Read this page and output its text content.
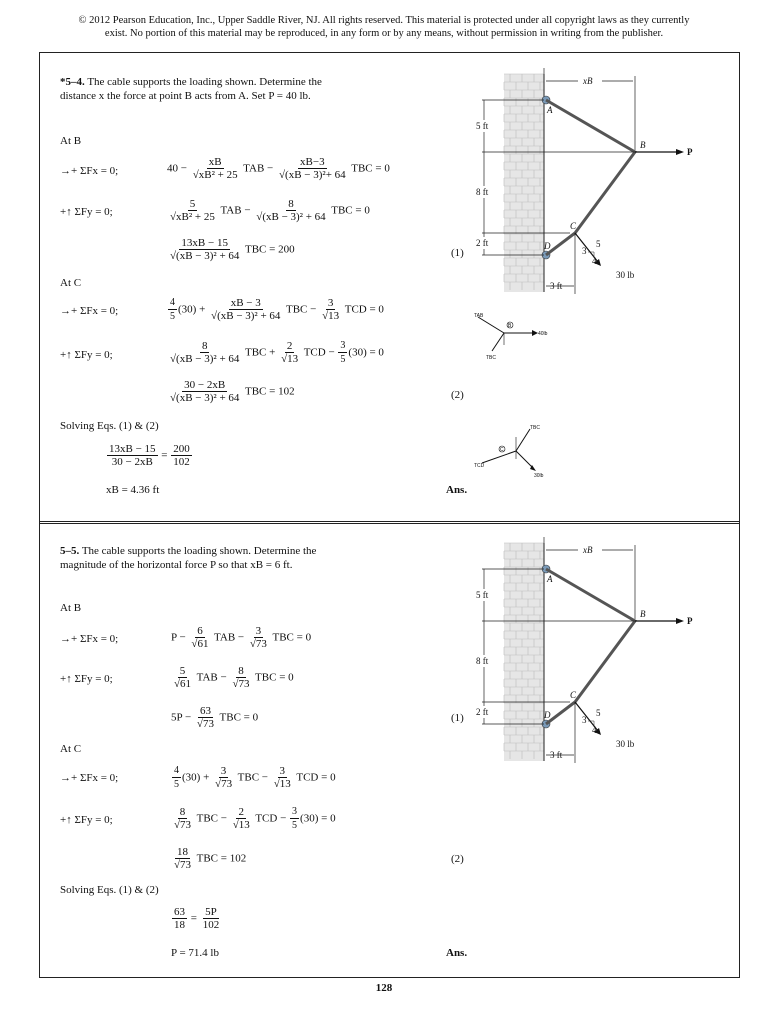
© 2012 Pearson Education, Inc., Upper Saddle River, NJ. All rights reserved. This material is protected under all copyright laws as they currently
exist. No portion of this material may be reproduced, in any form or by any means, without permission in writing from the publisher.
*5–4. The cable supports the loading shown. Determine the
distance x the force at point B acts from A. Set P = 40 lb.
At B
→+ ΣFx = 0;	$40 - \frac{xB}{\text{√xB² + 25}}$ TAB − $\frac{xB-3}{\text{√(xB − 3)²+ 64}}$ TBC = 0
+↑ ΣFy = 0;	$\frac{5}{\text{√xB² + 25}}$ TAB − $\frac{8}{\text{√(xB − 3)² + 64}}$ TBC = 0
$\frac{13xB - 15}{\text{√(xB − 3)² + 64}}$ TBC = 200	(1)
At C
→+ ΣFx = 0;	$\frac{4}{5} (30) + \frac{xB - 3}{\text{√(xB − 3)² + 64}}$ TBC − $\frac{3}{√13}$ TCD = 0
+↑ ΣFy = 0;	$\frac{8}{\text{√(xB − 3)² + 64}}$ TBC + $\frac{2}{√13}$ TCD − $\frac{3}{5} (30) = 0$
$\frac{30 - 2xB}{\text{√(xB − 3)² + 64}}$ TBC = 102	(2)
Solving Eqs. (1) & (2)
$\frac{13xB - 15}{30 - 2xB} = \frac{200}{102}$
xB = 4.36 ft	Ans.
B
TAB
TBC
40lb
C
TBC
TCD
30lb
5–5. The cable supports the loading shown. Determine the
magnitude of the horizontal force P so that xB = 6 ft.
At B
→+ ΣFx = 0;	$P - \frac{6}{√61}$ TAB − $\frac{3}{√73}$ TBC = 0
+↑ ΣFy = 0;	$\frac{5}{√61}$ TAB − $\frac{8}{√73}$ TBC = 0
$5P - \frac{63}{√73}$ TBC = 0	(1)
At C
→+ ΣFx = 0;	$\frac{4}{5} (30) + \frac{3}{√73}$ TBC − $\frac{3}{√13}$ TCD = 0
+↑ ΣFy = 0;	$\frac{8}{√73}$ TBC − $\frac{2}{√13}$ TCD − $\frac{3}{5} (30) = 0$
$\frac{18}{√73}$ TBC = 102	(2)
Solving Eqs. (1) & (2)
$\frac{63}{18} = \frac{5P}{102}$
P = 71.4 lb	Ans.
P
xB
5 ft
8 ft
2 ft
3 ft
30 lb
5
3
4
A
B
C
D
P
xB
5 ft
8 ft
2 ft
3 ft
30 lb
5
3
4
A
B
C
D
128
